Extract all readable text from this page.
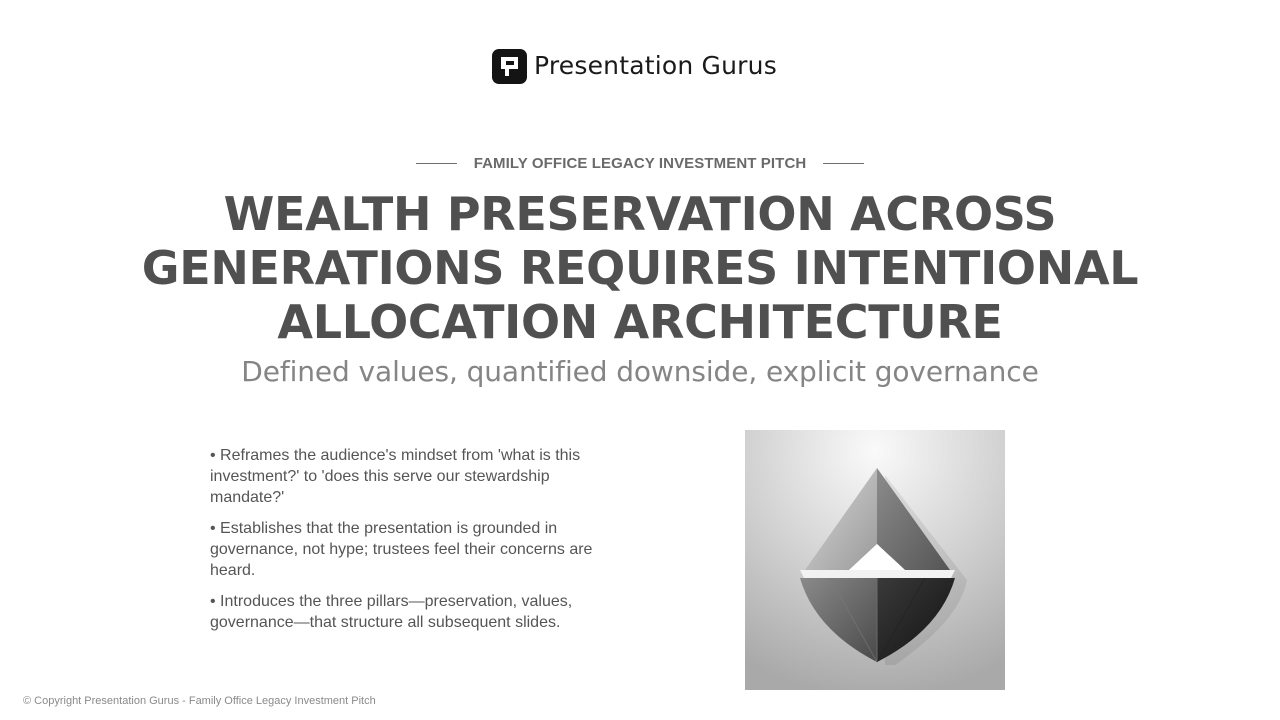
Presentation Gurus
FAMILY OFFICE LEGACY INVESTMENT PITCH
WEALTH PRESERVATION ACROSS GENERATIONS REQUIRES INTENTIONAL ALLOCATION ARCHITECTURE

Defined values, quantified downside, explicit governance

• Reframes the audience's mindset from 'what is this investment?' to 'does this serve our stewardship mandate?'
• Establishes that the presentation is grounded in governance, not hype; trustees feel their concerns are heard.
• Introduces the three pillars—preservation, values, governance—that structure all subsequent slides.
© Copyright Presentation Gurus - Family Office Legacy Investment Pitch
